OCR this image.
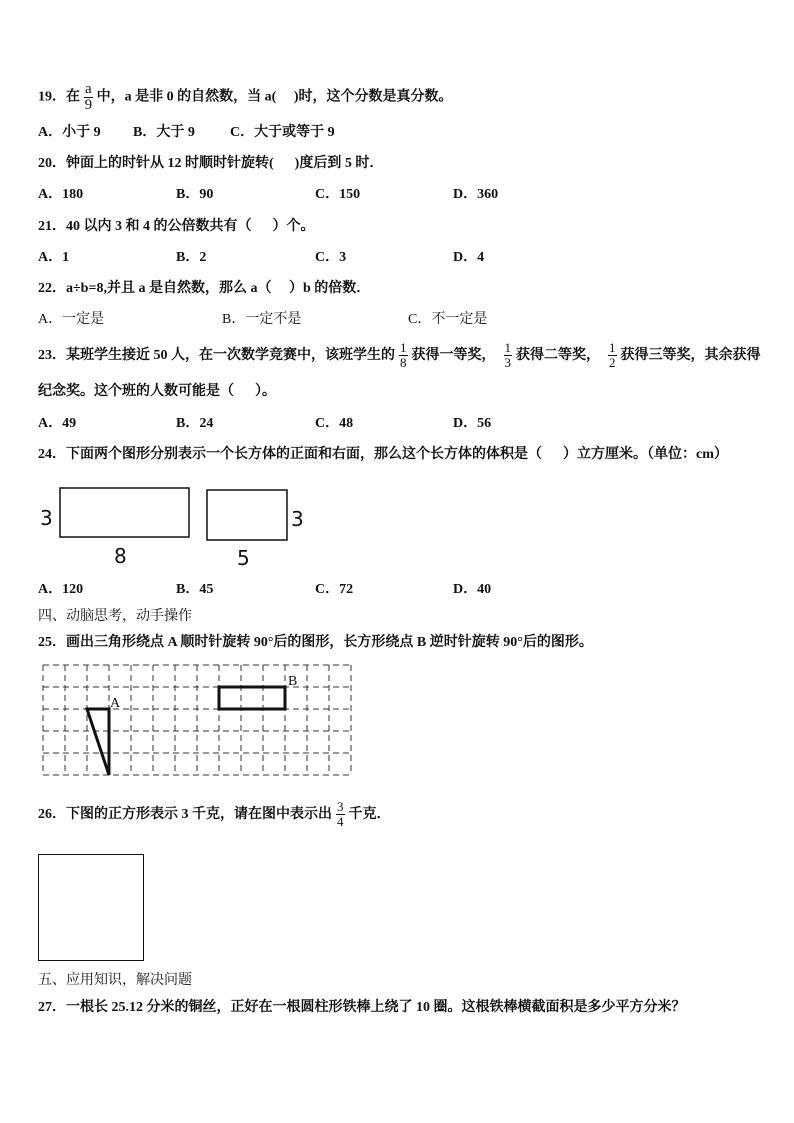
19．在 $\frac{a}{9}$ 中，a 是非 0 的自然数，当 a(     )时，这个分数是真分数。
A．小于 9 B．大于 9	C．大于或等于 9
20．钟面上的时针从 12 时顺时针旋转(      )度后到 5 时．
A．180	B．90	C．150	D．360
21．40 以内 3 和 4 的公倍数共有（      ）个。
A．1	B．2	C．3	D．4
22．a÷b=8,并且 a 是自然数，那么 a（     ）b 的倍数．
A．一定是	B．一定不是	C．不一定是
23．某班学生接近 50 人，在一次数学竞赛中，该班学生的 $\frac{1}{8}$ 获得一等奖， $\frac{1}{3}$ 获得二等奖， $\frac{1}{2}$ 获得三等奖，其余获得
纪念奖。这个班的人数可能是（      ）。
A．49	B．24	C．48	D．56
24．下面两个图形分别表示一个长方体的正面和右面，那么这个长方体的体积是（      ）立方厘米。（单位：cm）
A．120	B．45	C．72	D．40
四、动脑思考，动手操作
25．画出三角形绕点 A 顺时针旋转 90°后的图形，长方形绕点 B 逆时针旋转 90°后的图形。
26．下图的正方形表示 3 千克，请在图中表示出 $\frac{3}{4}$ 千克．
五、应用知识，解决问题
27．一根长 25.12 分米的铜丝，正好在一根圆柱形铁棒上绕了 10 圈。这根铁棒横截面积是多少平方分米？
3
8
3
5
A
B
